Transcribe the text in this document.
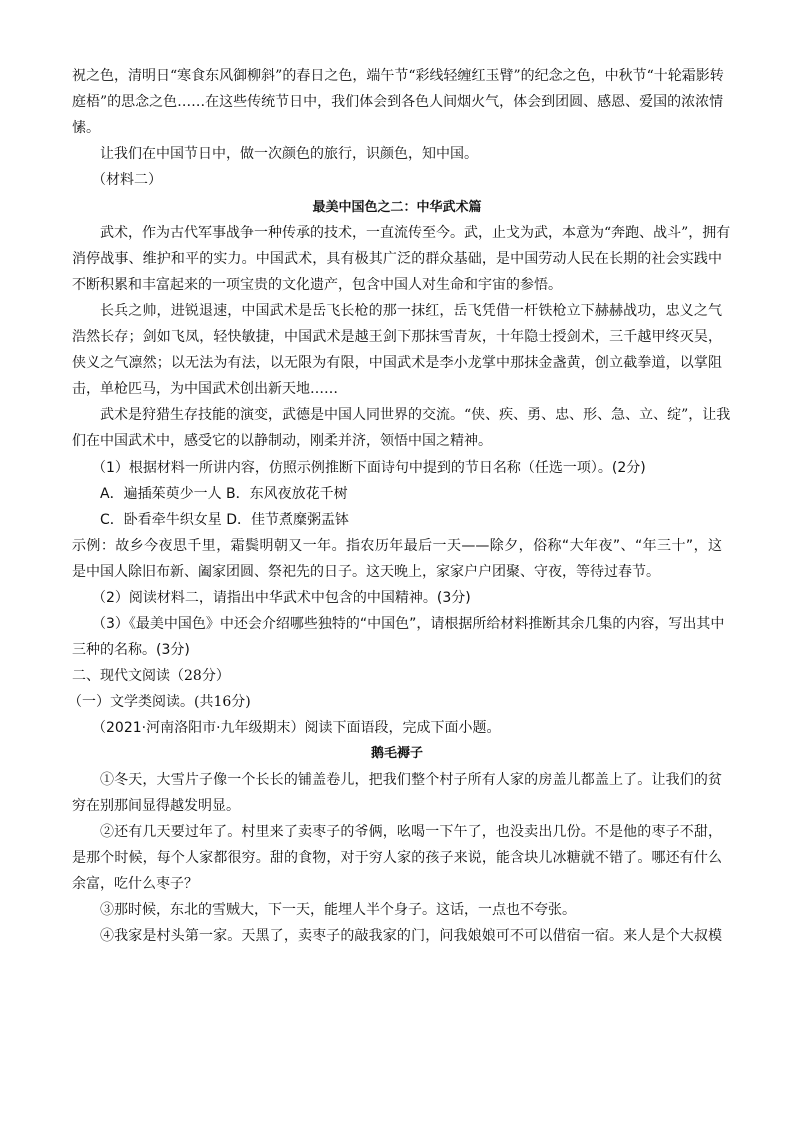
祝之色，清明日“寒食东风御柳斜”的春日之色，端午节“彩线轻缠红玉臂”的纪念之色，中秋节“十轮霜影转
庭梧”的思念之色……在这些传统节日中，我们体会到各色人间烟火气，体会到团圆、感恩、爱国的浓浓情
愫。
让我们在中国节日中，做一次颜色的旅行，识颜色，知中国。
（材料二）
最美中国色之二：中华武术篇
武术，作为古代军事战争一种传承的技术，一直流传至今。武，止戈为武，本意为“奔跑、战斗”，拥有
消停战事、维护和平的实力。中国武术，具有极其广泛的群众基础，是中国劳动人民在长期的社会实践中
不断积累和丰富起来的一项宝贵的文化遗产，包含中国人对生命和宇宙的参悟。
长兵之帅，进锐退速，中国武术是岳飞长枪的那一抹红，岳飞凭借一杆铁枪立下赫赫战功，忠义之气
浩然长存；剑如飞凤，轻快敏捷，中国武术是越王剑下那抹雪青灰，十年隐士授剑术，三千越甲终灭吴，
侠义之气凛然；以无法为有法，以无限为有限，中国武术是李小龙掌中那抹金盏黄，创立截拳道，以掌阻
击，单枪匹马，为中国武术创出新天地……
武术是狩猎生存技能的演变，武德是中国人同世界的交流。“侠、疾、勇、忠、形、急、立、绽”，让我
们在中国武术中，感受它的以静制动，刚柔并济，领悟中国之精神。
（1）根据材料一所讲内容，仿照示例推断下面诗句中提到的节日名称（任选一项）。(2分)
A．遍插茱萸少一人 B．东风夜放花千树
C．卧看牵牛织女星 D．佳节煮糜粥盂钵
示例：故乡今夜思千里，霜鬓明朝又一年。指农历年最后一天——除夕，俗称“大年夜”、“年三十”，这
是中国人除旧布新、阖家团圆、祭祀先的日子。这天晚上，家家户户团聚、守夜，等待过春节。
（2）阅读材料二，请指出中华武术中包含的中国精神。(3分)
（3）《最美中国色》中还会介绍哪些独特的“中国色”，请根据所给材料推断其余几集的内容，写出其中
三种的名称。(3分)
二、现代文阅读（28分）
（一）文学类阅读。(共16分)
（2021·河南洛阳市·九年级期末）阅读下面语段，完成下面小题。
鹅毛褥子
①冬天，大雪片子像一个长长的铺盖卷儿，把我们整个村子所有人家的房盖儿都盖上了。让我们的贫
穷在别那间显得越发明显。
②还有几天要过年了。村里来了卖枣子的爷俩，吆喝一下午了，也没卖出几份。不是他的枣子不甜，
是那个时候，每个人家都很穷。甜的食物，对于穷人家的孩子来说，能含块儿冰糖就不错了。哪还有什么
余富，吃什么枣子？
③那时候，东北的雪贼大，下一天，能埋人半个身子。这话，一点也不夸张。
④我家是村头第一家。天黑了，卖枣子的敲我家的门，问我娘娘可不可以借宿一宿。来人是个大叔模
